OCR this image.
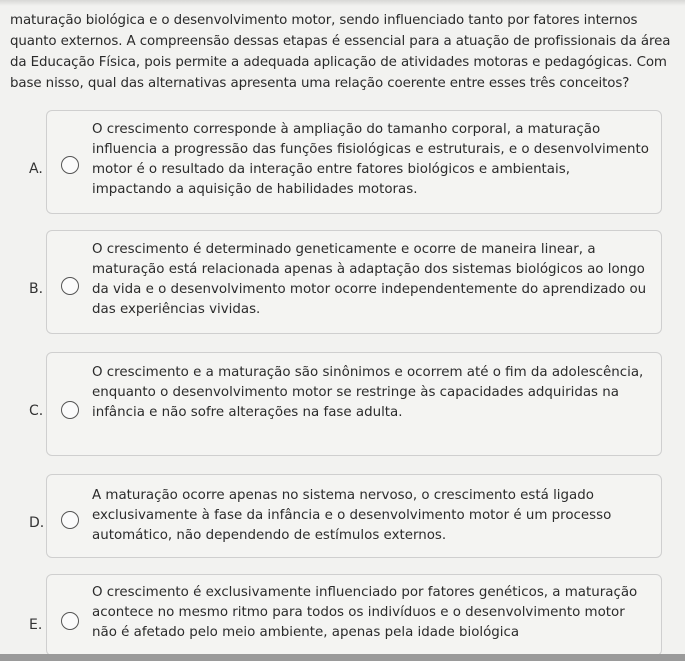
maturação biológica e o desenvolvimento motor, sendo influenciado tanto por fatores internos quanto externos. A compreensão dessas etapas é essencial para a atuação de profissionais da área da Educação Física, pois permite a adequada aplicação de atividades motoras e pedagógicas. Com base nisso, qual das alternativas apresenta uma relação coerente entre esses três conceitos?
A.
O crescimento corresponde à ampliação do tamanho corporal, a maturação influencia a progressão das funções fisiológicas e estruturais, e o desenvolvimento motor é o resultado da interação entre fatores biológicos e ambientais, impactando a aquisição de habilidades motoras.
B.
O crescimento é determinado geneticamente e ocorre de maneira linear, a maturação está relacionada apenas à adaptação dos sistemas biológicos ao longo da vida e o desenvolvimento motor ocorre independentemente do aprendizado ou das experiências vividas.
C.
O crescimento e a maturação são sinônimos e ocorrem até o fim da adolescência, enquanto o desenvolvimento motor se restringe às capacidades adquiridas na infância e não sofre alterações na fase adulta.
D.
A maturação ocorre apenas no sistema nervoso, o crescimento está ligado exclusivamente à fase da infância e o desenvolvimento motor é um processo automático, não dependendo de estímulos externos.
E.
O crescimento é exclusivamente influenciado por fatores genéticos, a maturação acontece no mesmo ritmo para todos os indivíduos e o desenvolvimento motor não é afetado pelo meio ambiente, apenas pela idade biológica
